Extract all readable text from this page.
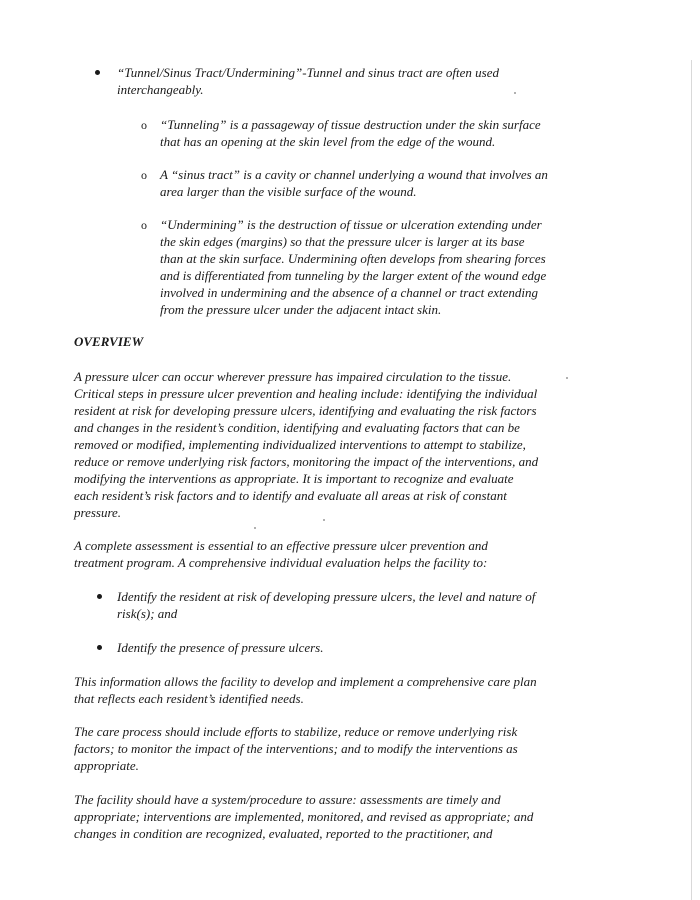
“Tunnel/Sinus Tract/Undermining”-Tunnel and sinus tract are often used
interchangeably.

o “Tunneling” is a passageway of tissue destruction under the skin surface
that has an opening at the skin level from the edge of the wound.

o A “sinus tract” is a cavity or channel underlying a wound that involves an
area larger than the visible surface of the wound.

o “Undermining” is the destruction of tissue or ulceration extending under
the skin edges (margins) so that the pressure ulcer is larger at its base
than at the skin surface. Undermining often develops from shearing forces
and is differentiated from tunneling by the larger extent of the wound edge
involved in undermining and the absence of a channel or tract extending
from the pressure ulcer under the adjacent intact skin.

OVERVIEW

A pressure ulcer can occur wherever pressure has impaired circulation to the tissue.
Critical steps in pressure ulcer prevention and healing include: identifying the individual
resident at risk for developing pressure ulcers, identifying and evaluating the risk factors
and changes in the resident’s condition, identifying and evaluating factors that can be
removed or modified, implementing individualized interventions to attempt to stabilize,
reduce or remove underlying risk factors, monitoring the impact of the interventions, and
modifying the interventions as appropriate. It is important to recognize and evaluate
each resident’s risk factors and to identify and evaluate all areas at risk of constant
pressure.

A complete assessment is essential to an effective pressure ulcer prevention and
treatment program. A comprehensive individual evaluation helps the facility to:

Identify the resident at risk of developing pressure ulcers, the level and nature of
risk(s); and

Identify the presence of pressure ulcers.

This information allows the facility to develop and implement a comprehensive care plan
that reflects each resident’s identified needs.

The care process should include efforts to stabilize, reduce or remove underlying risk
factors; to monitor the impact of the interventions; and to modify the interventions as
appropriate.

The facility should have a system/procedure to assure: assessments are timely and
appropriate; interventions are implemented, monitored, and revised as appropriate; and
changes in condition are recognized, evaluated, reported to the practitioner, and
